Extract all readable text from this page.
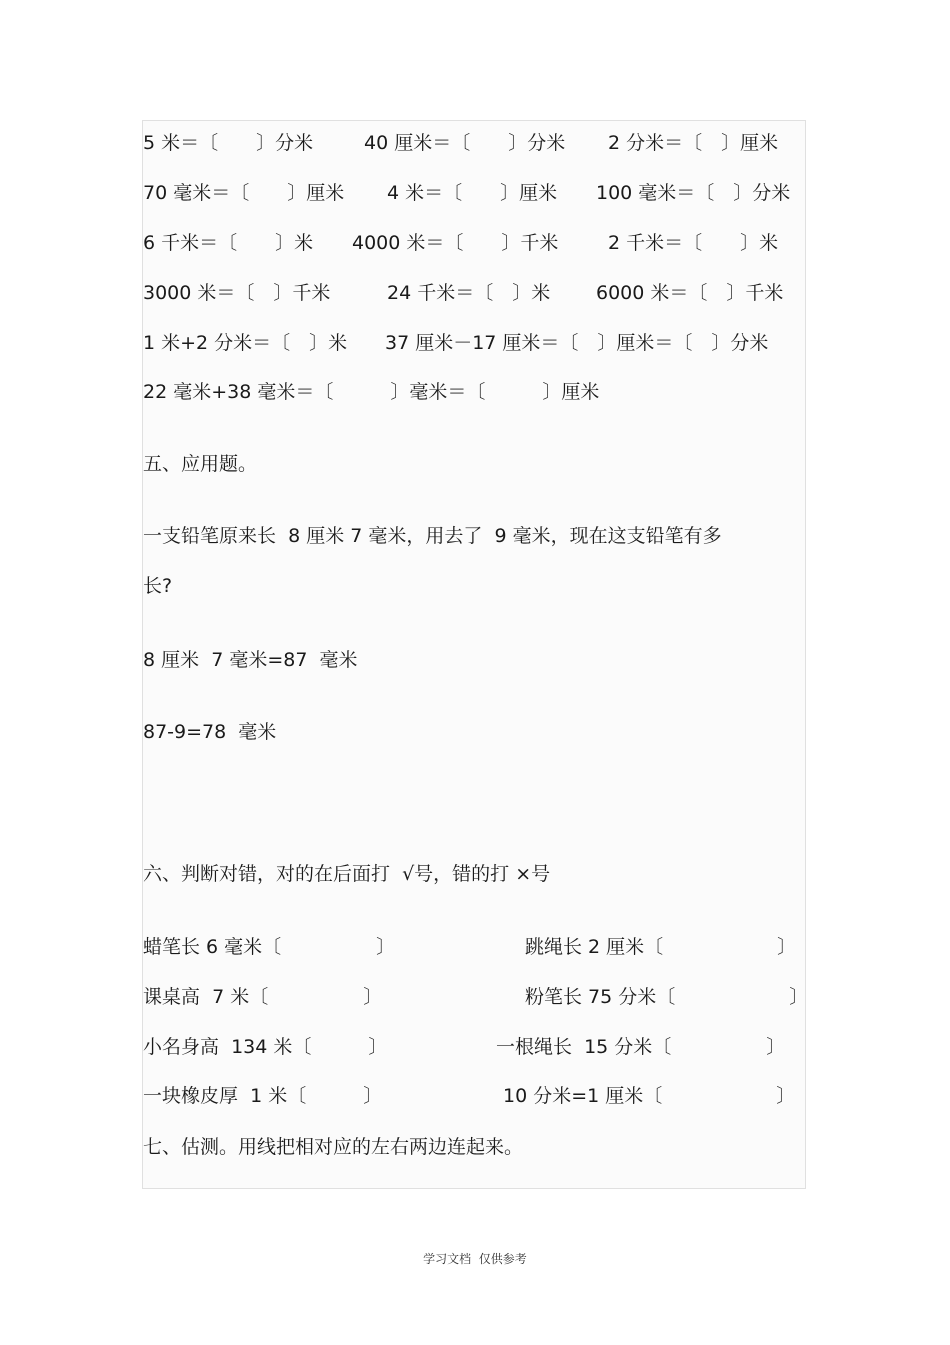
5 米＝〔　　〕分米	40 厘米＝〔　　〕分米 2 分米＝〔　〕厘米
70 毫米＝〔　　〕厘米 4 米＝〔　　〕厘米 100 毫米＝〔　〕分米
6 千米＝〔　　〕米 4000 米＝〔　　〕千米	2 千米＝〔　　〕米
3000 米＝〔　〕千米	24 千米＝〔　〕米 6000 米＝〔　〕千米
1 米+2 分米＝〔　〕米 37 厘米－17 厘米＝〔　〕厘米＝〔　〕分米
22 毫米+38 毫米＝〔　　　〕毫米＝〔　　　〕厘米
五、应用题。
一支铅笔原来长  8 厘米 7 毫米，用去了  9 毫米，现在这支铅笔有多
长?
8 厘米  7 毫米=87  毫米
87-9=78  毫米
六、判断对错，对的在后面打  √号，错的打 ×号
蜡笔长 6 毫米〔　　　　　〕	跳绳长 2 厘米〔　　　　　　〕
课桌高  7 米〔　　　　　〕	粉笔长 75 分米〔　　　　　　〕
小名身高  134 米〔　　　〕	一根绳长  15 分米〔　　　　　〕
一块橡皮厚  1 米〔　　　〕	10 分米=1 厘米〔　　　　　　〕
七、估测。用线把相对应的左右两边连起来。
学习文档  仅供参考
